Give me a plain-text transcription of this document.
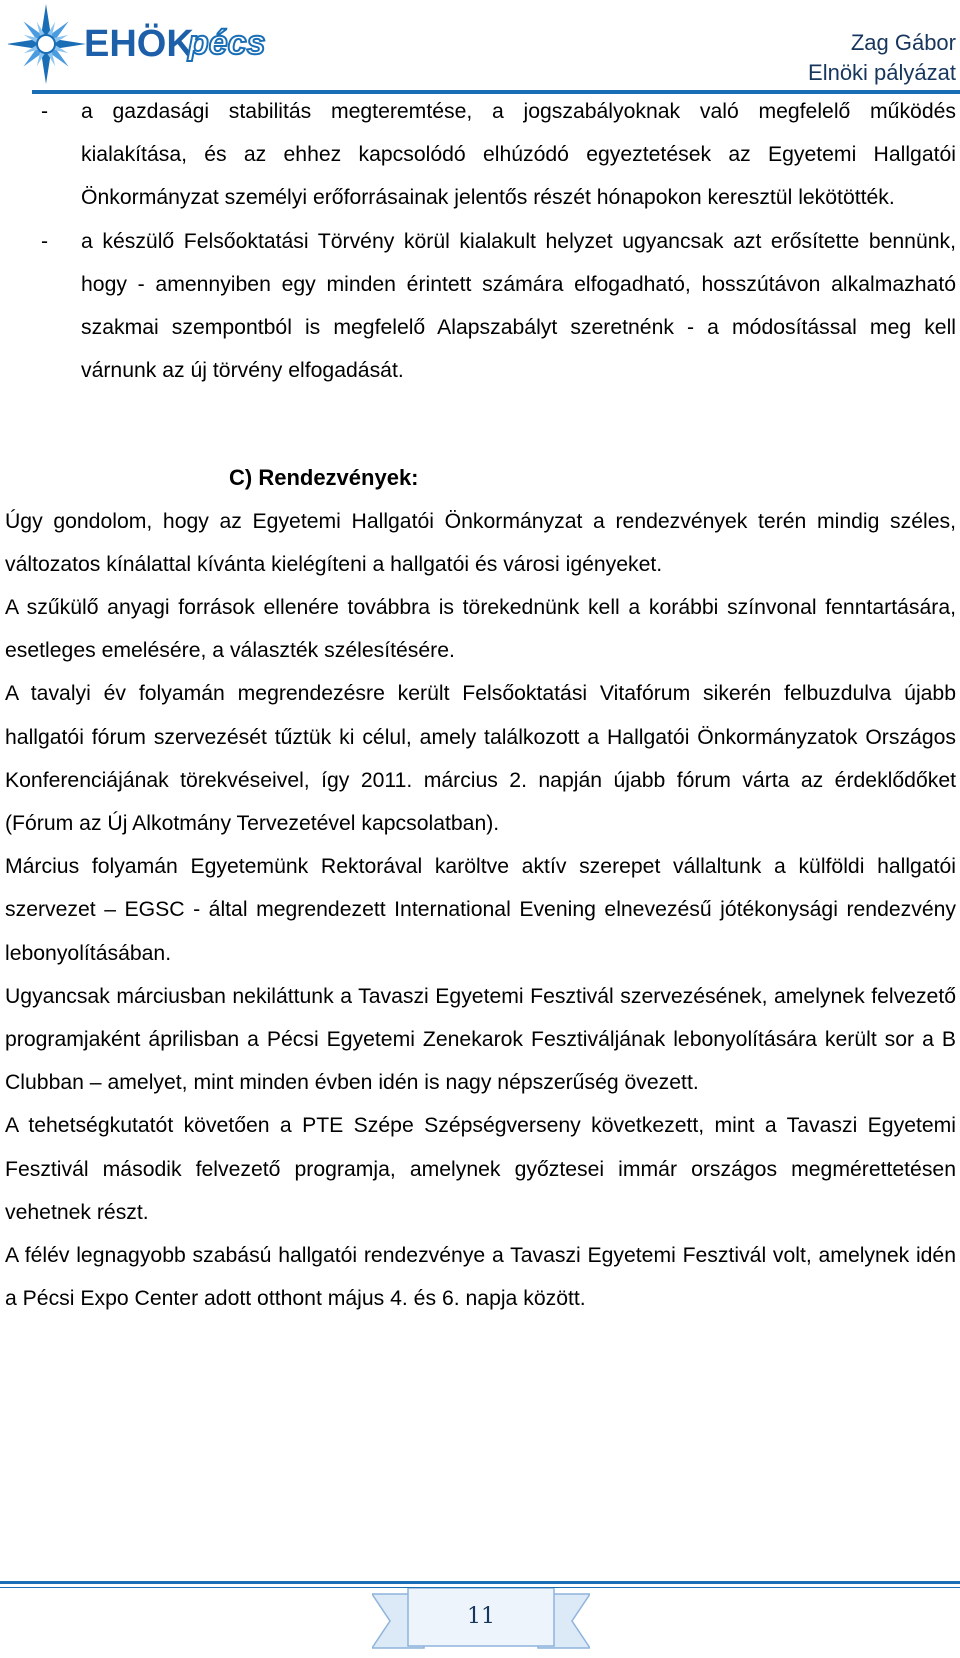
EHÖK
pécs	Zag Gábor
Elnöki pályázat
- a gazdasági stabilitás megteremtése, a jogszabályoknak való megfelelő működés kialakítása, és az ehhez kapcsolódó elhúzódó egyeztetések az Egyetemi Hallgatói Önkormányzat személyi erőforrásainak jelentős részét hónapokon keresztül lekötötték.
- a készülő Felsőoktatási Törvény körül kialakult helyzet ugyancsak azt erősítette bennünk, hogy - amennyiben egy minden érintett számára elfogadható, hosszútávon alkalmazható szakmai szempontból is megfelelő Alapszabályt szeretnénk - a módosítással meg kell várnunk az új törvény elfogadását.
C) Rendezvények:

Úgy gondolom, hogy az Egyetemi Hallgatói Önkormányzat a rendezvények terén mindig széles, változatos kínálattal kívánta kielégíteni a hallgatói és városi igényeket.

A szűkülő anyagi források ellenére továbbra is törekednünk kell a korábbi színvonal fenntartására, esetleges emelésére, a választék szélesítésére.

A tavalyi év folyamán megrendezésre került Felsőoktatási Vitafórum sikerén felbuzdulva újabb hallgatói fórum szervezését tűztük ki célul, amely találkozott a Hallgatói Önkormányzatok Országos Konferenciájának törekvéseivel, így 2011. március 2. napján újabb fórum várta az érdeklődőket (Fórum az Új Alkotmány Tervezetével kapcsolatban).

Március folyamán Egyetemünk Rektorával karöltve aktív szerepet vállaltunk a külföldi hallgatói szervezet – EGSC - által megrendezett International Evening elnevezésű jótékonysági rendezvény lebonyolításában.

Ugyancsak márciusban nekiláttunk a Tavaszi Egyetemi Fesztivál szervezésének, amelynek felvezető programjaként áprilisban a Pécsi Egyetemi Zenekarok Fesztiváljának lebonyolítására került sor a B Clubban – amelyet, mint minden évben idén is nagy népszerűség övezett.

A tehetségkutatót követően a PTE Szépe Szépségverseny következett, mint a Tavaszi Egyetemi Fesztivál második felvezető programja, amelynek győztesei immár országos megmérettetésen vehetnek részt.

A félév legnagyobb szabású hallgatói rendezvénye a Tavaszi Egyetemi Fesztivál volt, amelynek idén a Pécsi Expo Center adott otthont május 4. és 6. napja között.

11
